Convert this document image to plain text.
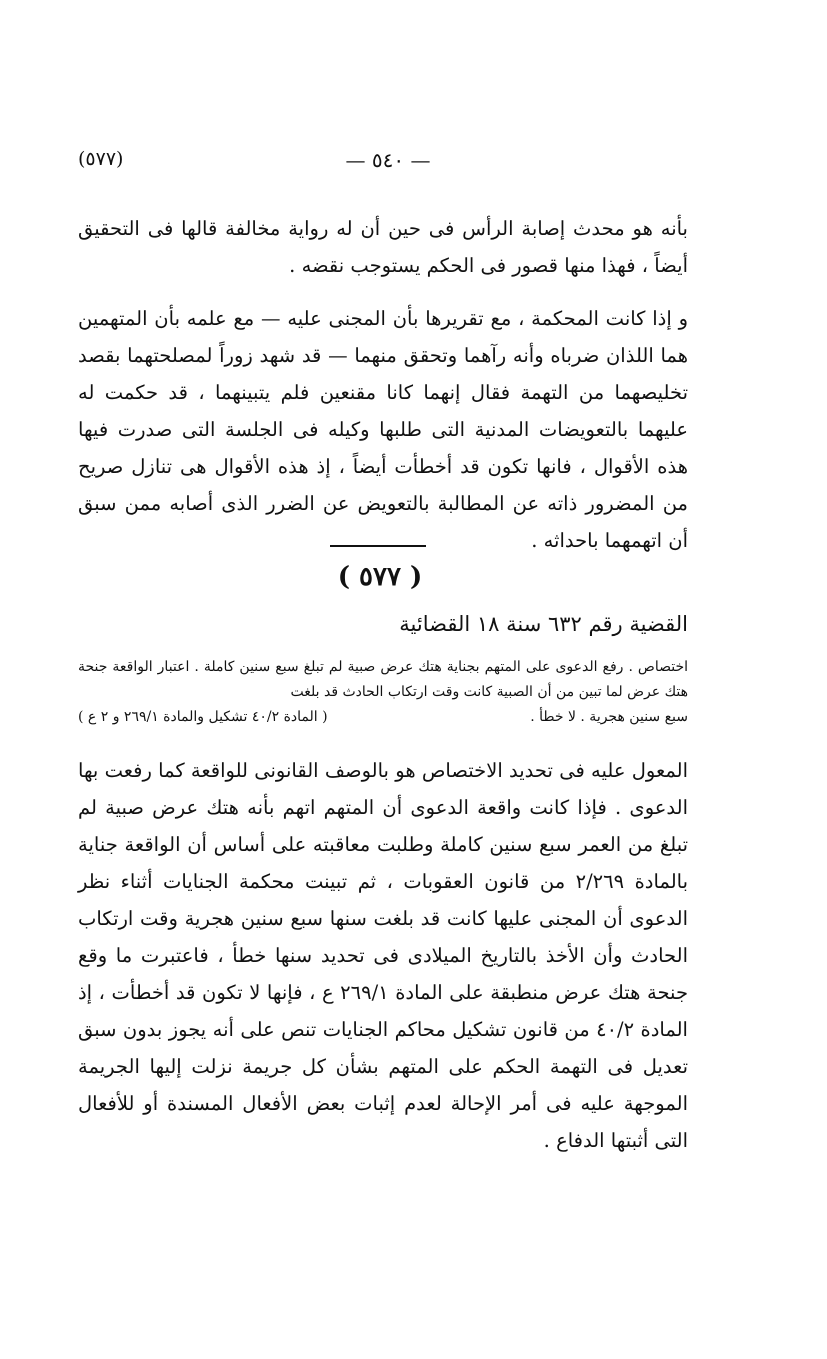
(٥٧٧)	— ٥٤٠ —

بأنه هو محدث إصابة الرأس فى حين أن له رواية مخالفة قالها فى التحقيق أيضاً ، فهذا منها قصور فى الحكم يستوجب نقضه .

و إذا كانت المحكمة ، مع تقريرها بأن المجنى عليه — مع علمه بأن المتهمين هما اللذان ضرباه وأنه رآهما وتحقق منهما — قد شهد زوراً لمصلحتهما بقصد تخليصهما من التهمة فقال إنهما كانا مقنعين فلم يتبينهما ، قد حكمت له عليهما بالتعويضات المدنية التى طلبها وكيله فى الجلسة التى صدرت فيها هذه الأقوال ، فانها تكون قد أخطأت أيضاً ، إذ هذه الأقوال هى تنازل صريح من المضرور ذاته عن المطالبة بالتعويض عن الضرر الذى أصابه ممن سبق أن اتهمهما باحداثه .

( ٥٧٧ )
القضية رقم ٦٣٢ سنة ١٨ القضائية

اختصاص . رفع الدعوى على المتهم بجناية هتك عرض صبية لم تبلغ سبع سنين كاملة . اعتبار الواقعة جنحة هتك عرض لما تبين من أن الصبية كانت وقت ارتكاب الحادث قد بلغت

سبع سنين هجرية . لا خطأ .
( المادة ٤٠/٢ تشكيل والمادة ٢٦٩/١ و ٢ ع )

المعول عليه فى تحديد الاختصاص هو بالوصف القانونى للواقعة كما رفعت بها الدعوى . فإذا كانت واقعة الدعوى أن المتهم اتهم بأنه هتك عرض صبية لم تبلغ من العمر سبع سنين كاملة وطلبت معاقبته على أساس أن الواقعة جناية بالمادة ٢/٢٦٩ من قانون العقوبات ، ثم تبينت محكمة الجنايات أثناء نظر الدعوى أن المجنى عليها كانت قد بلغت سنها سبع سنين هجرية وقت ارتكاب الحادث وأن الأخذ بالتاريخ الميلادى فى تحديد سنها خطأ ، فاعتبرت ما وقع جنحة هتك عرض منطبقة على المادة ٢٦٩/١ ع ، فإنها لا تكون قد أخطأت ، إذ المادة ٤٠/٢ من قانون تشكيل محاكم الجنايات تنص على أنه يجوز بدون سبق تعديل فى التهمة الحكم على المتهم بشأن كل جريمة نزلت إليها الجريمة الموجهة عليه فى أمر الإحالة لعدم إثبات بعض الأفعال المسندة أو للأفعال التى أثبتها الدفاع .
